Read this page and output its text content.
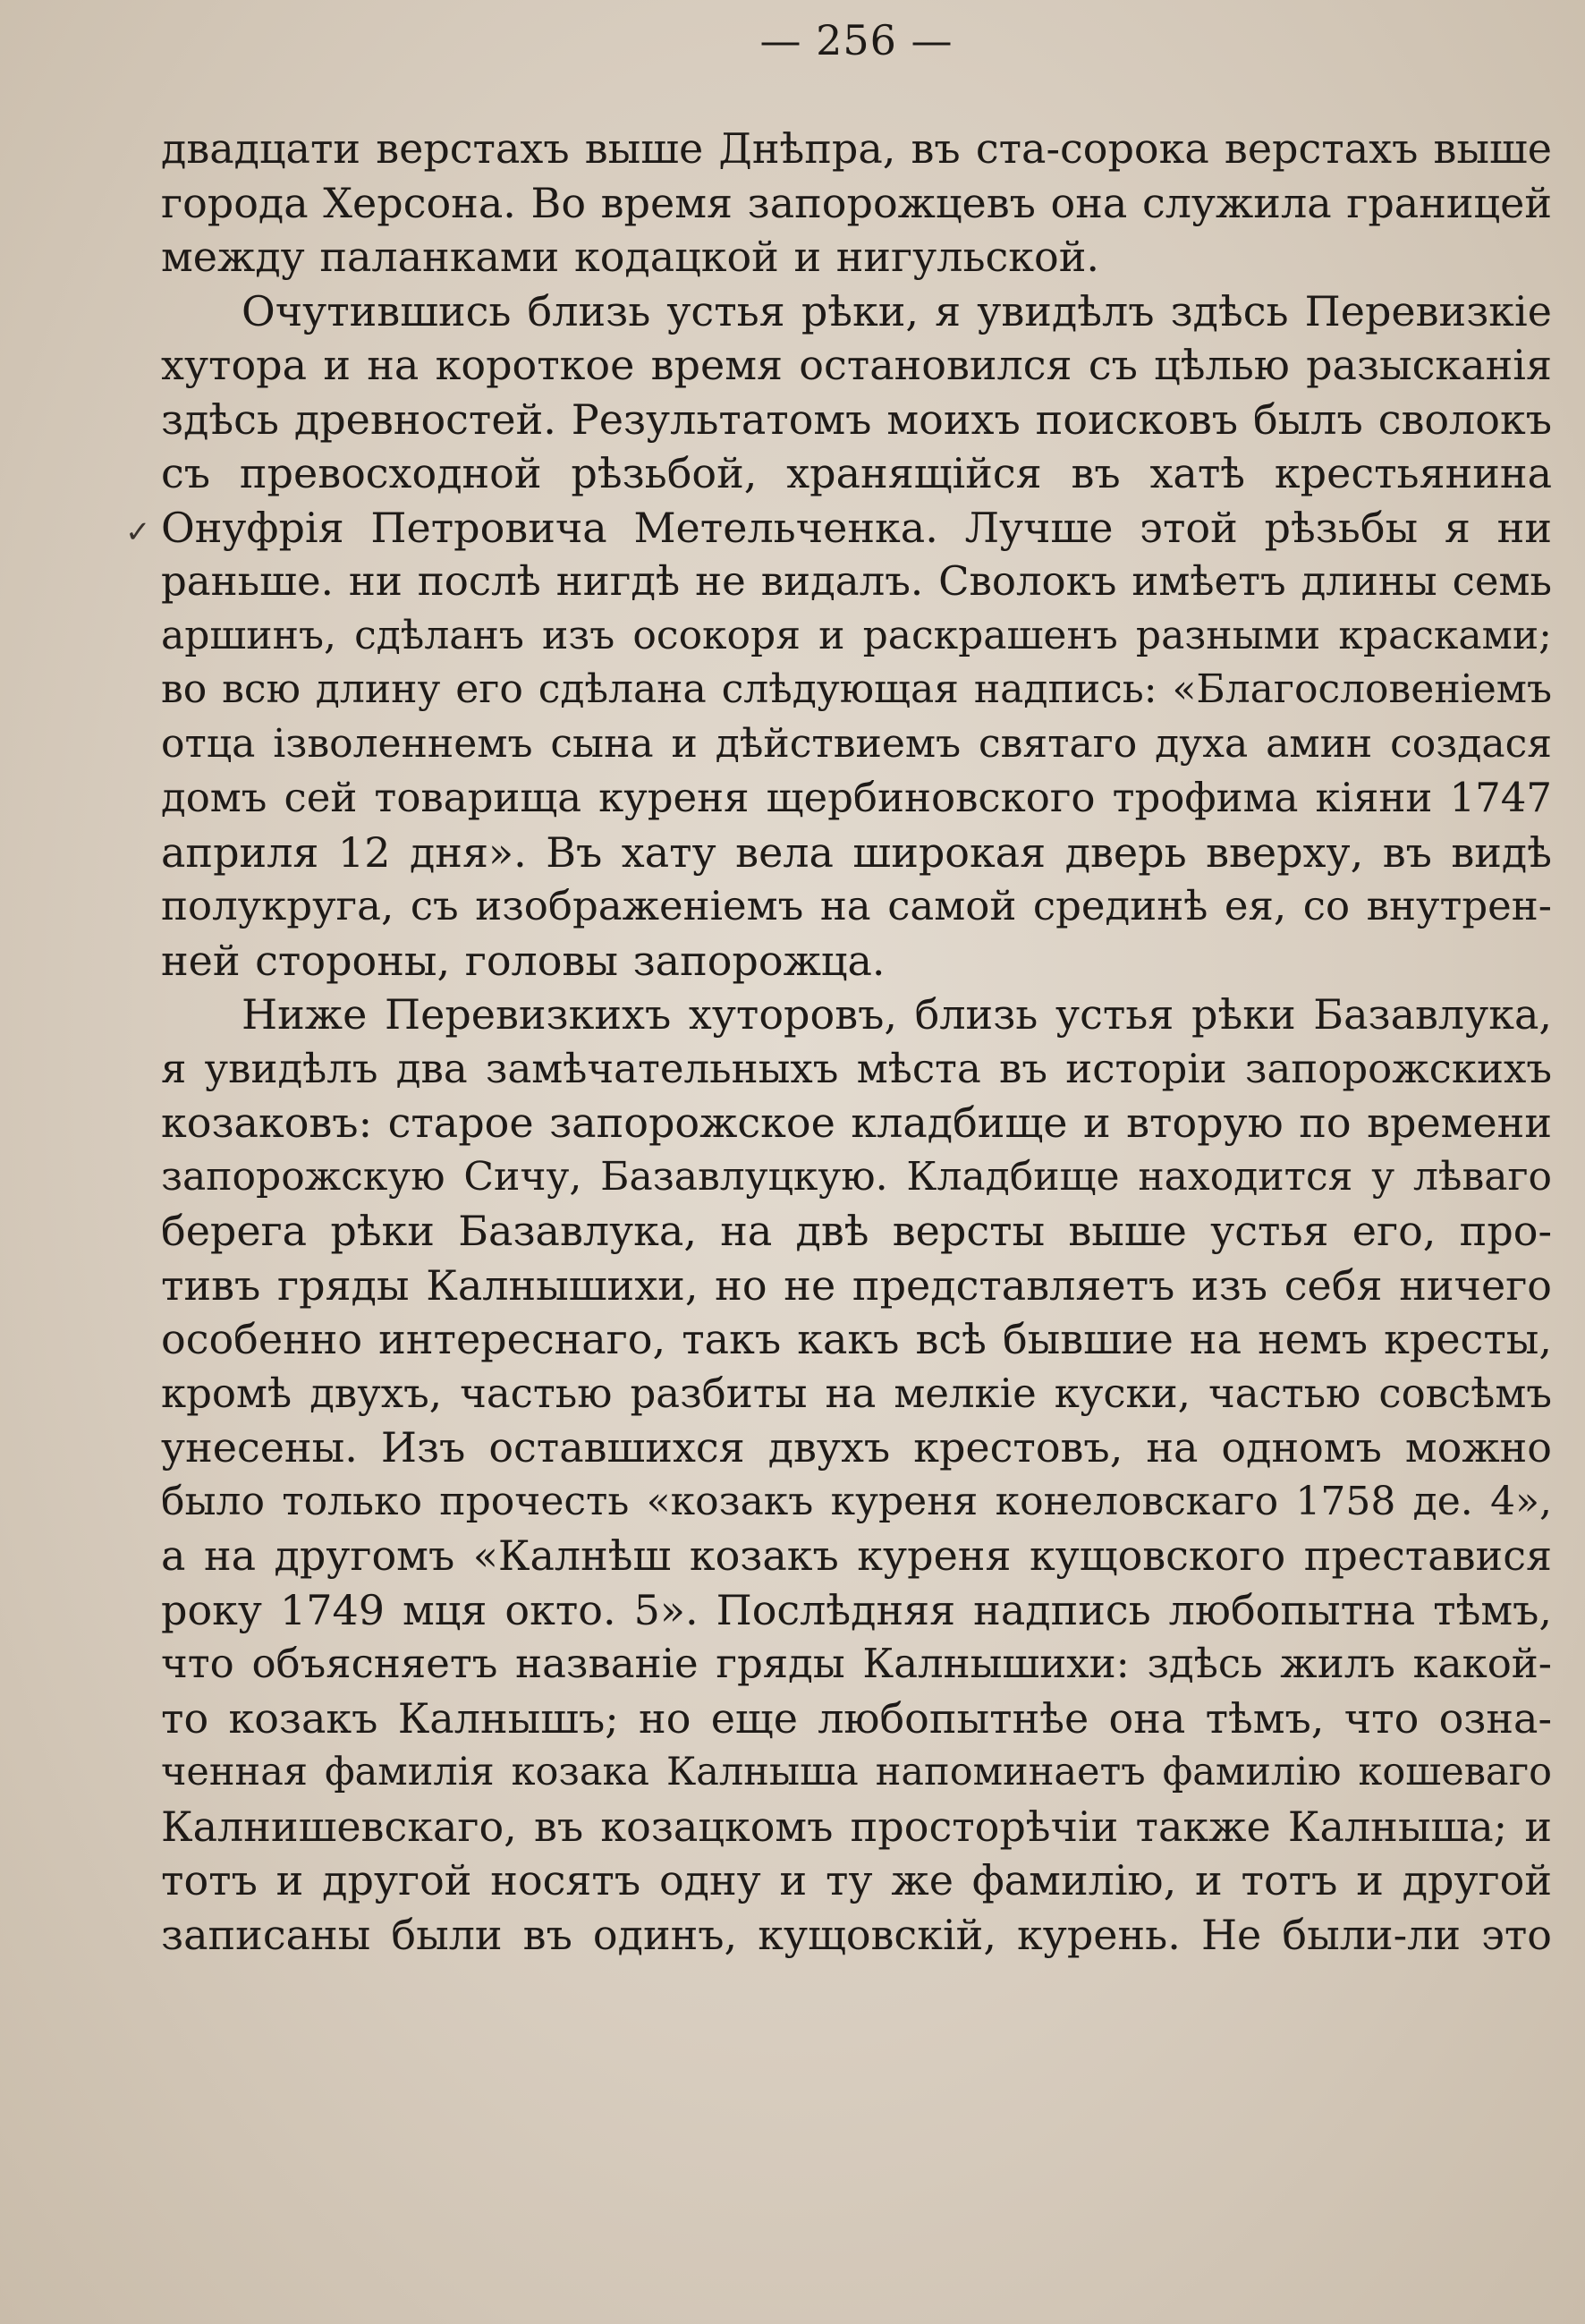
— 256 —
двадцати верстахъ выше Днѣпра, въ ста-сорока верстахъ выше
города Херсона. Во время запорожцевъ она служила границей
между паланками кодацкой и нигульской.
Очутившись близь устья рѣки, я увидѣлъ здѣсь Перевизкіе
хутора и на короткое время остановился съ цѣлью разысканія
здѣсь древностей. Результатомъ моихъ поисковъ былъ сволокъ
съ превосходной рѣзьбой, хранящійся въ хатѣ крестьянина
Онуфрія Петровича Метельченка. Лучше этой рѣзьбы я ни
раньше. ни послѣ нигдѣ не видалъ. Сволокъ имѣетъ длины семь
аршинъ, сдѣланъ изъ осокоря и раскрашенъ разными красками;
во всю длину его сдѣлана слѣдующая надпись: «Благословеніемъ
отца ізволеннемъ сына и дѣйствиемъ святаго духа амин создася
домъ сей товарища куреня щербиновского трофима кіяни 1747
априля 12 дня». Въ хату вела широкая дверь вверху, въ видѣ
полукруга, съ изображеніемъ на самой срединѣ ея, со внутрен-
ней стороны, головы запорожца.
Ниже Перевизкихъ хуторовъ, близь устья рѣки Базавлука,
я увидѣлъ два замѣчательныхъ мѣста въ исторіи запорожскихъ
козаковъ: старое запорожское кладбище и вторую по времени
запорожскую Сичу, Базавлуцкую. Кладбище находится у лѣваго
берега рѣки Базавлука, на двѣ версты выше устья его, про-
тивъ гряды Калнышихи, но не представляетъ изъ себя ничего
особенно интереснаго, такъ какъ всѣ бывшие на немъ кресты,
кромѣ двухъ, частью разбиты на мелкіе куски, частью совсѣмъ
унесены. Изъ оставшихся двухъ крестовъ, на одномъ можно
было только прочесть «козакъ куреня конеловскаго 1758 де. 4»,
а на другомъ «Калнѣш козакъ куреня кущовского преставися
року 1749 мця окто. 5». Послѣдняя надпись любопытна тѣмъ,
что объясняетъ названіе гряды Калнышихи: здѣсь жилъ какой-
то козакъ Калнышъ; но еще любопытнѣе она тѣмъ, что озна-
ченная фамилія козака Калныша напоминаетъ фамилію кошеваго
Калнишевскаго, въ козацкомъ просторѣчіи также Калныша; и
тотъ и другой носятъ одну и ту же фамилію, и тотъ и другой
записаны были въ одинъ, кущовскій, курень. Не были-ли это
✓
